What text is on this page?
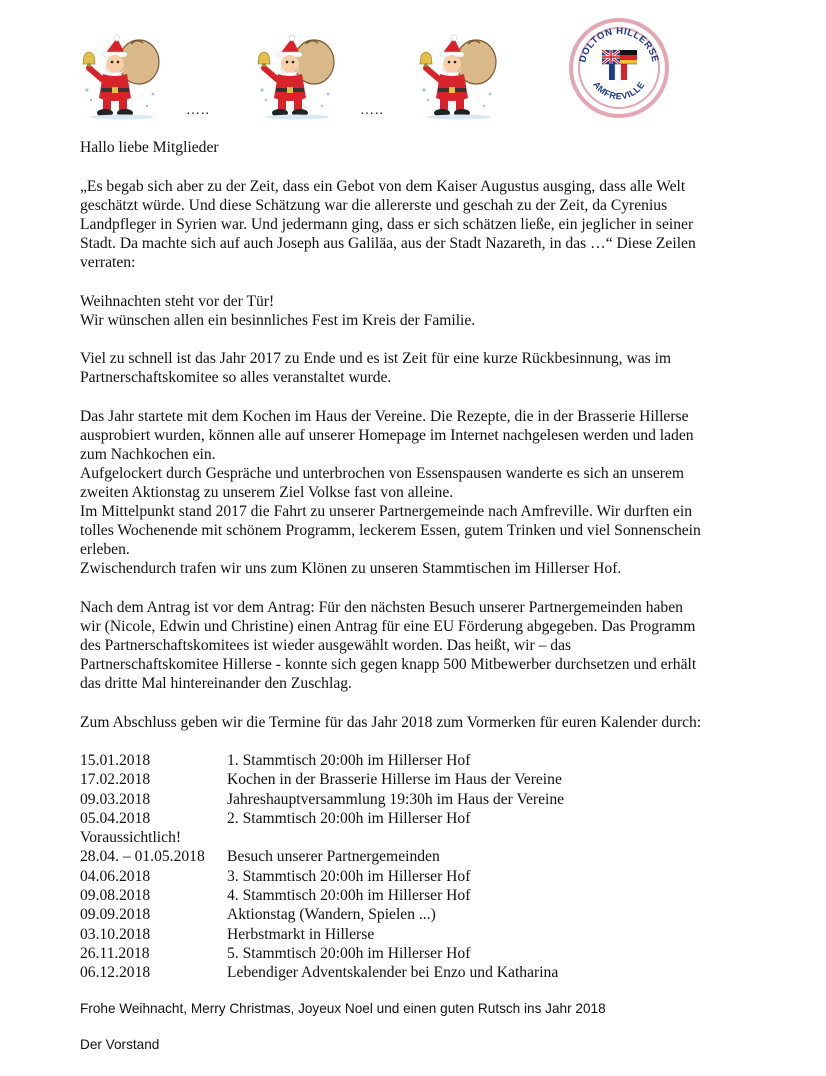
…..	…..
DOLTON HILLERSE
AMFREVILLE
Hallo liebe Mitglieder
„Es begab sich aber zu der Zeit, dass ein Gebot von dem Kaiser Augustus ausging, dass alle Welt
geschätzt würde. Und diese Schätzung war die allererste und geschah zu der Zeit, da Cyrenius
Landpfleger in Syrien war. Und jedermann ging, dass er sich schätzen ließe, ein jeglicher in seiner
Stadt. Da machte sich auf auch Joseph aus Galiläa, aus der Stadt Nazareth, in das …“ Diese Zeilen
verraten:
Weihnachten steht vor der Tür!
Wir wünschen allen ein besinnliches Fest im Kreis der Familie.
Viel zu schnell ist das Jahr 2017 zu Ende und es ist Zeit für eine kurze Rückbesinnung, was im
Partnerschaftskomitee so alles veranstaltet wurde.
Das Jahr startete mit dem Kochen im Haus der Vereine. Die Rezepte, die in der Brasserie Hillerse
ausprobiert wurden, können alle auf unserer Homepage im Internet nachgelesen werden und laden
zum Nachkochen ein.
Aufgelockert durch Gespräche und unterbrochen von Essenspausen wanderte es sich an unserem
zweiten Aktionstag zu unserem Ziel Volkse fast von alleine.
Im Mittelpunkt stand 2017 die Fahrt zu unserer Partnergemeinde nach Amfreville. Wir durften ein
tolles Wochenende mit schönem Programm, leckerem Essen, gutem Trinken und viel Sonnenschein
erleben.
Zwischendurch trafen wir uns zum Klönen zu unseren Stammtischen im Hillerser Hof.
Nach dem Antrag ist vor dem Antrag: Für den nächsten Besuch unserer Partnergemeinden haben
wir (Nicole, Edwin und Christine) einen Antrag für eine EU Förderung abgegeben. Das Programm
des Partnerschaftskomitees ist wieder ausgewählt worden. Das heißt, wir – das
Partnerschaftskomitee Hillerse - konnte sich gegen knapp 500 Mitbewerber durchsetzen und erhält
das dritte Mal hintereinander den Zuschlag.
Zum Abschluss geben wir die Termine für das Jahr 2018 zum Vormerken für euren Kalender durch:
15.01.2018	1. Stammtisch 20:00h im Hillerser Hof
17.02.2018	Kochen in der Brasserie Hillerse im Haus der Vereine
09.03.2018	Jahreshauptversammlung 19:30h im Haus der Vereine
05.04.2018	2. Stammtisch 20:00h im Hillerser Hof
Voraussichtlich!
28.04. – 01.05.2018 Besuch unserer Partnergemeinden
04.06.2018	3. Stammtisch 20:00h im Hillerser Hof
09.08.2018	4. Stammtisch 20:00h im Hillerser Hof
09.09.2018	Aktionstag (Wandern, Spielen ...)
03.10.2018	Herbstmarkt in Hillerse
26.11.2018	5. Stammtisch 20:00h im Hillerser Hof
06.12.2018	Lebendiger Adventskalender bei Enzo und Katharina
Frohe Weihnacht, Merry Christmas, Joyeux Noel und einen guten Rutsch ins Jahr 2018
Der Vorstand
